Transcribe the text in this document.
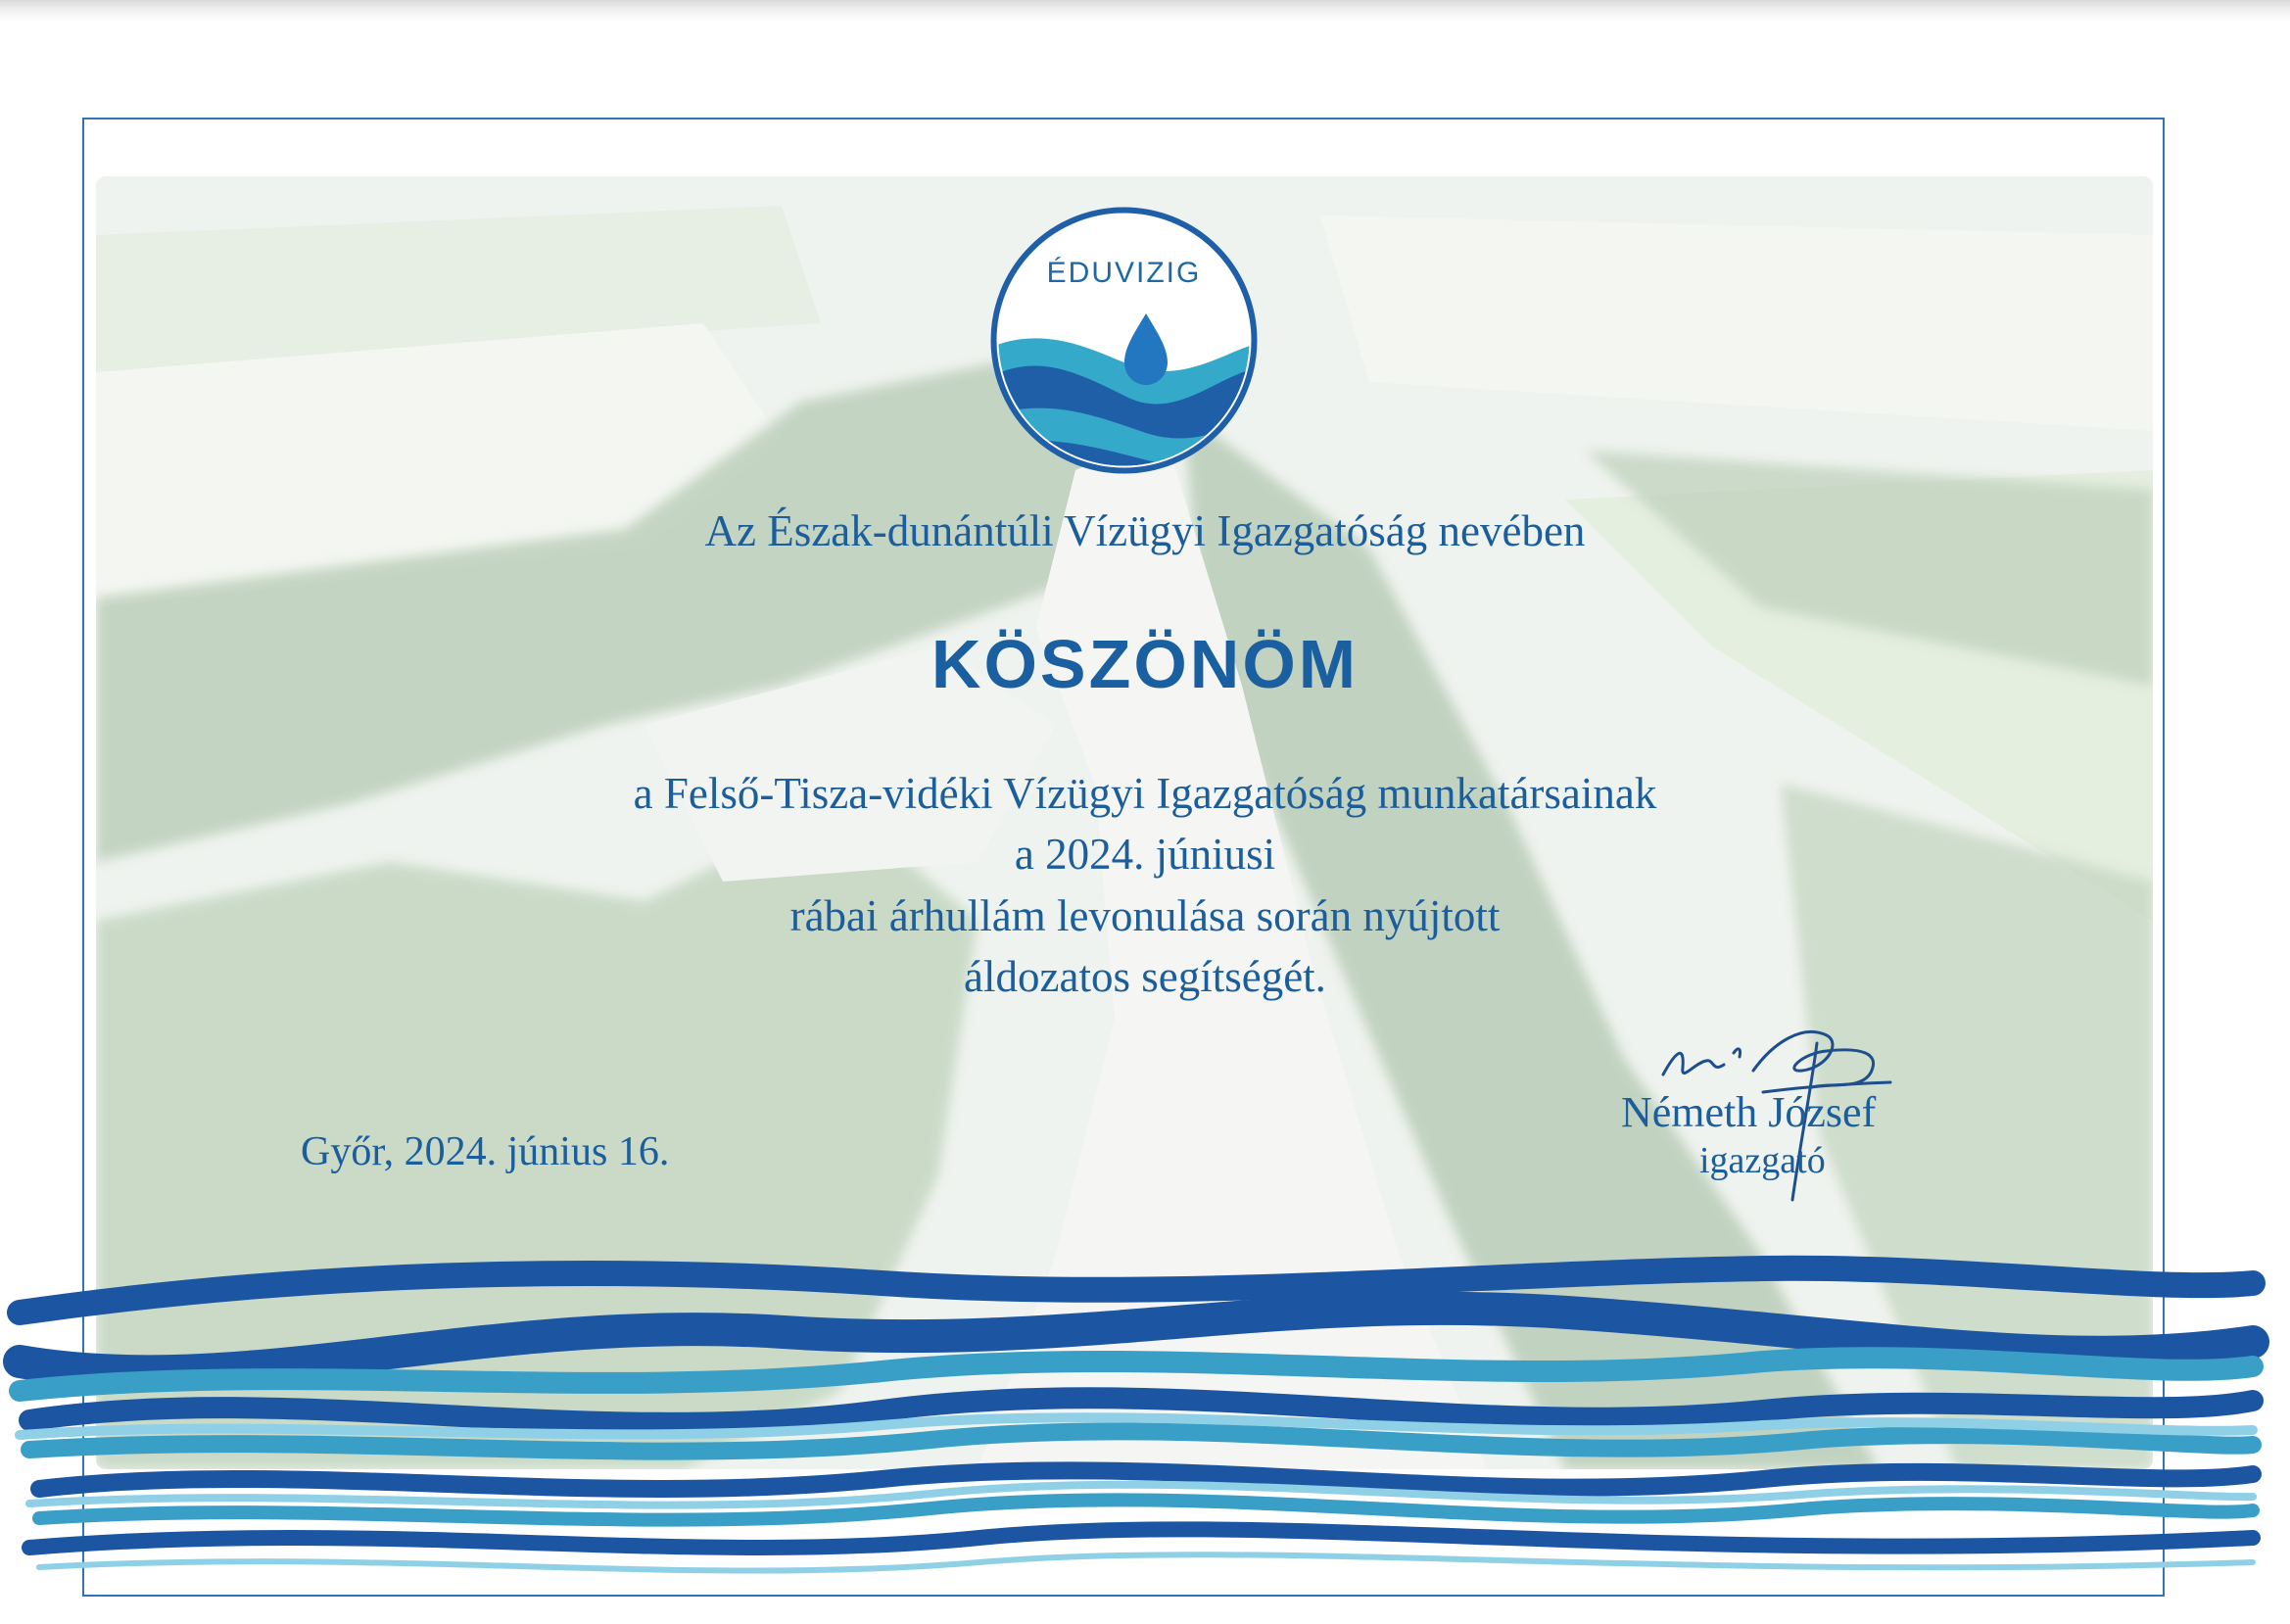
ÉDUVIZIG
Az Észak-dunántúli Vízügyi Igazgatóság nevében
KÖSZÖNÖM
a Felső-Tisza-vidéki Vízügyi Igazgatóság munkatársainak
a 2024. júniusi
rábai árhullám levonulása során nyújtott
áldozatos segítségét.
Győr, 2024. június 16.
Németh József
igazgató
